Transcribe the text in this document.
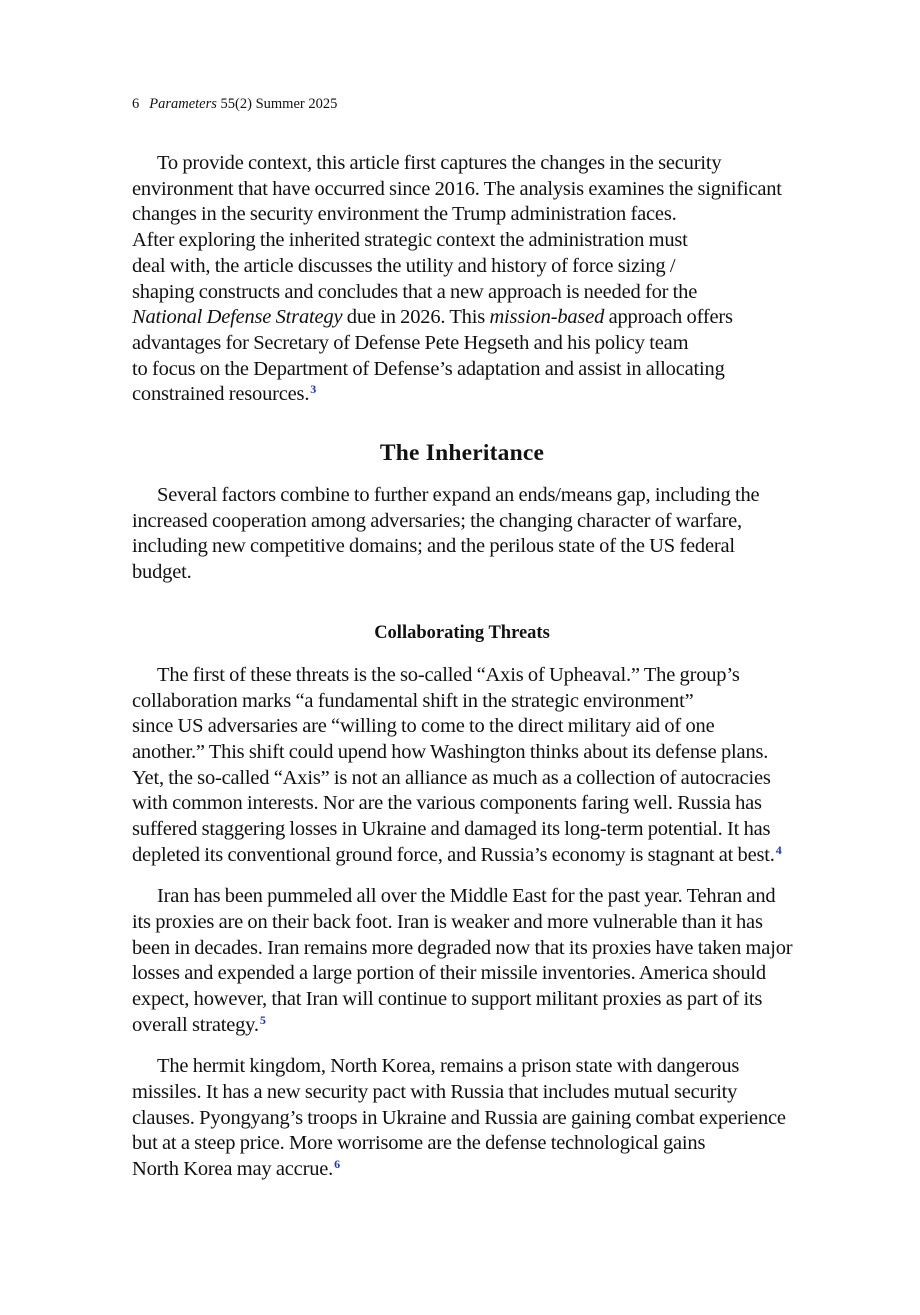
6 Parameters 55(2) Summer 2025

To provide context, this article first captures the changes in the security
environment that have occurred since 2016. The analysis examines the significant
changes in the security environment the Trump administration faces.
After exploring the inherited strategic context the administration must
deal with, the article discusses the utility and history of force sizing /
shaping constructs and concludes that a new approach is needed for the
National Defense Strategy due in 2026. This mission-based approach offers
advantages for Secretary of Defense Pete Hegseth and his policy team
to focus on the Department of Defense’s adaptation and assist in allocating
constrained resources.$^3$

The Inheritance

Several factors combine to further expand an ends/means gap, including the
increased cooperation among adversaries; the changing character of warfare,
including new competitive domains; and the perilous state of the US federal
budget.

Collaborating Threats

The first of these threats is the so-called “Axis of Upheaval.” The group’s
collaboration marks “a fundamental shift in the strategic environment”
since US adversaries are “willing to come to the direct military aid of one
another.” This shift could upend how Washington thinks about its defense plans.
Yet, the so-called “Axis” is not an alliance as much as a collection of autocracies
with common interests. Nor are the various components faring well. Russia has
suffered staggering losses in Ukraine and damaged its long-term potential. It has
depleted its conventional ground force, and Russia’s economy is stagnant at best.$^4$

Iran has been pummeled all over the Middle East for the past year. Tehran and
its proxies are on their back foot. Iran is weaker and more vulnerable than it has
been in decades. Iran remains more degraded now that its proxies have taken major
losses and expended a large portion of their missile inventories. America should
expect, however, that Iran will continue to support militant proxies as part of its
overall strategy.$^5$

The hermit kingdom, North Korea, remains a prison state with dangerous
missiles. It has a new security pact with Russia that includes mutual security
clauses. Pyongyang’s troops in Ukraine and Russia are gaining combat experience
but at a steep price. More worrisome are the defense technological gains
North Korea may accrue.$^6$
